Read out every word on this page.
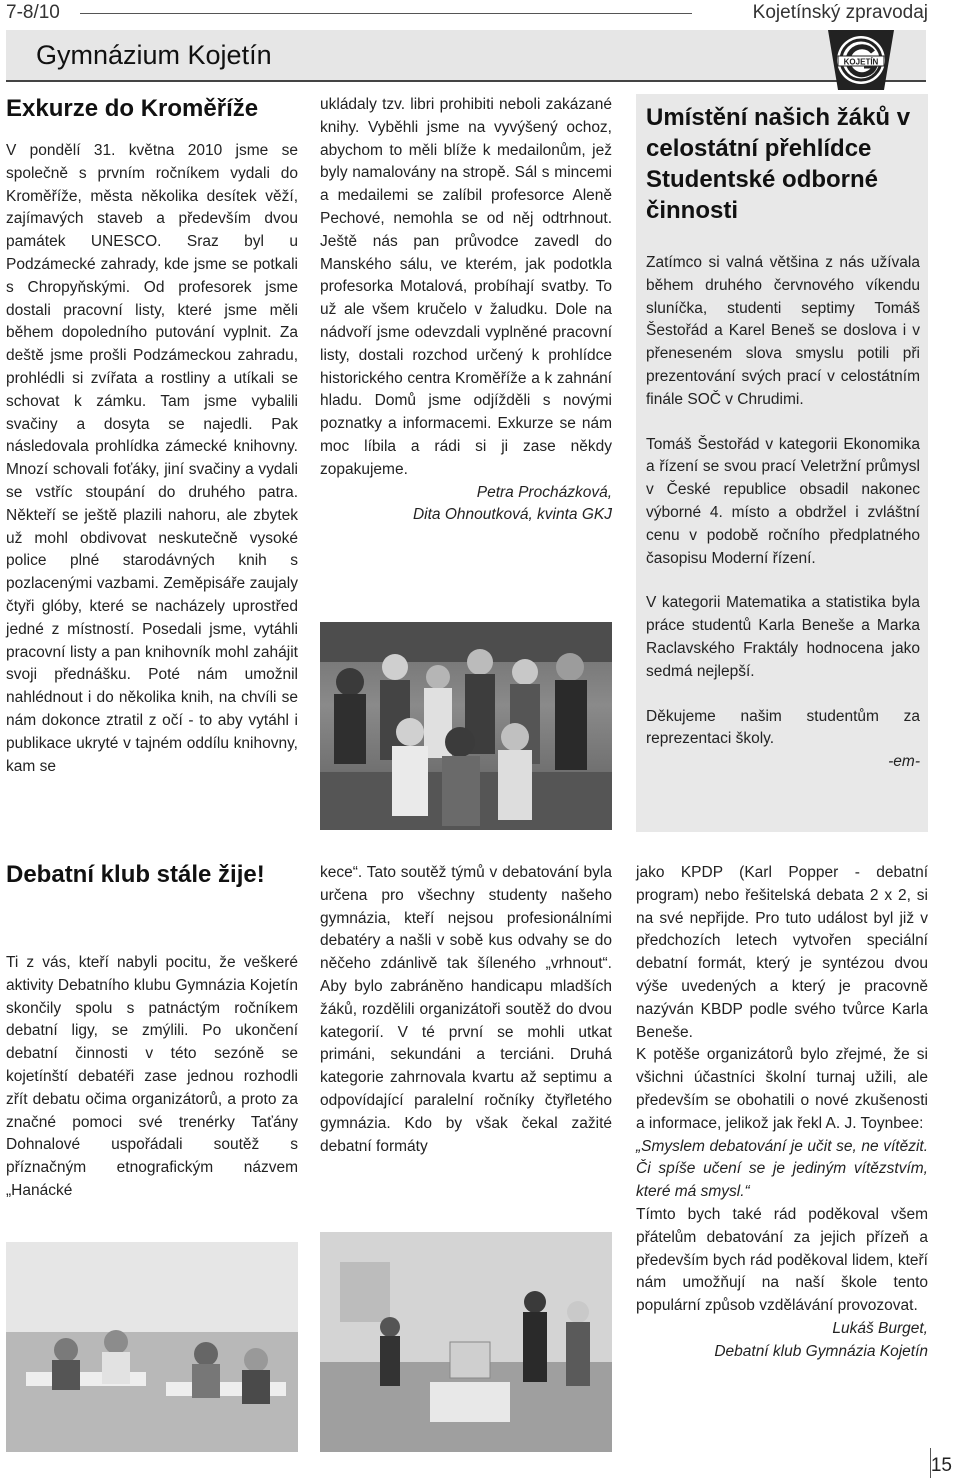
7-8/10	Kojetínský zpravodaj
Gymnázium Kojetín	KOJETÍN
Exkurze do Kroměříže

V pondělí 31. května 2010 jsme se společně s prvním ročníkem vydali do Kroměříže, města několika desítek věží, zajímavých staveb a především dvou památek UNESCO. Sraz byl u Podzámecké zahrady, kde jsme se potkali s Chropyňskými. Od profesorek jsme dostali pracovní listy, které jsme měli během dopoledního putování vyplnit. Za deště jsme prošli Podzámeckou zahradu, prohlédli si zvířata a rostliny a utíkali se schovat k zámku. Tam jsme vybalili svačiny a dosyta se najedli. Pak následovala prohlídka zámecké knihovny. Mnozí schovali foťáky, jiní svačiny a vydali se vstříc stoupání do druhého patra. Někteří se ještě plazili nahoru, ale zbytek už mohl obdivovat neskutečně vysoké police plné starodávných knih s pozlacenými vazbami. Zeměpisáře zaujaly čtyři glóby, které se nacházely uprostřed jedné z místností. Posedali jsme, vytáhli pracovní listy a pan knihovník mohl zahájit svoji přednášku. Poté nám umožnil nahlédnout i do několika knih, na chvíli se nám dokonce ztratil z očí - to aby vytáhl i publikace ukryté v tajném oddílu knihovny, kam se

ukládaly tzv. libri prohibiti neboli zakázané knihy. Vyběhli jsme na vyvýšený ochoz, abychom to měli blíže k medailonům, jež byly namalovány na stropě. Sál s mincemi a medailemi se zalíbil profesorce Aleně Pechové, nemohla se od něj odtrhnout. Ještě nás pan průvodce zavedl do Manského sálu, ve kterém, jak podotkla profesorka Motalová, probíhají svatby. To už ale všem kručelo v žaludku. Dole na nádvoří jsme odevzdali vyplněné pracovní listy, dostali rozchod určený k prohlídce historického centra Kroměříže a k zahnání hladu. Domů jsme odjížděli s novými poznatky a informacemi. Exkurze se nám moc líbila a rádi si ji zase někdy zopakujeme.

Petra Procházková,

Dita Ohnoutková, kvinta GKJ

Umístění našich žáků v celostátní přehlídce Studentské odborné činnosti

Zatímco si valná většina z nás užívala během druhého červnového víkendu sluníčka, studenti septimy Tomáš Šestořád a Karel Beneš se doslova i v přeneseném slova smyslu potili při prezentování svých prací v celostátním finále SOČ v Chrudimi.

Tomáš Šestořád v kategorii Ekonomika a řízení se svou prací Veletržní průmysl v České republice obsadil nakonec výborné 4. místo a obdržel i zvláštní cenu v podobě ročního předplatného časopisu Moderní řízení.

V kategorii Matematika a statistika byla práce studentů Karla Beneše a Marka Raclavského Fraktály hodnocena jako sedmá nejlepší.

Děkujeme našim studentům za reprezentaci školy.

-em-

Debatní klub stále žije!

Ti z vás, kteří nabyli pocitu, že veškeré aktivity Debatního klubu Gymnázia Kojetín skončily spolu s patnáctým ročníkem debatní ligy, se zmýlili. Po ukončení debatní činnosti v této sezóně se kojetínští debatéři zase jednou rozhodli zřít debatu očima organizátorů, a proto za značné pomoci své trenérky Taťány Dohnalové uspořádali soutěž s příznačným etnografickým názvem „Hanácké

kece“. Tato soutěž týmů v debatování byla určena pro všechny studenty našeho gymnázia, kteří nejsou profesionálními debatéry a našli v sobě kus odvahy se do něčeho zdánlivě tak šíleného „vrhnout“. Aby bylo zabráněno handicapu mladších žáků, rozdělili organizátoři soutěž do dvou kategorií. V té první se mohli utkat primáni, sekundáni a terciáni. Druhá kategorie zahrnovala kvartu až septimu a odpovídající paralelní ročníky čtyřletého gymnázia. Kdo by však čekal zažité debatní formáty

jako KPDP (Karl Popper - debatní program) nebo řešitelská debata 2 x 2, si na své nepřijde. Pro tuto událost byl již v předchozích letech vytvořen speciální debatní formát, který je syntézou dvou výše uvedených a který je pracovně nazýván KBDP podle svého tvůrce Karla Beneše.

K potěše organizátorů bylo zřejmé, že si všichni účastníci školní turnaj užili, ale především se obohatili o nové zkušenosti a informace, jelikož jak řekl A. J. Toynbee:

„Smyslem debatování je učit se, ne vítězit. Či spíše učení se je jediným vítězstvím, které má smysl.“

Tímto bych také rád poděkoval všem přátelům debatování za jejich přízeň a především bych rád poděkoval lidem, kteří nám umožňují na naší škole tento populární způsob vzdělávání provozovat.

Lukáš Burget,

Debatní klub Gymnázia Kojetín

15
